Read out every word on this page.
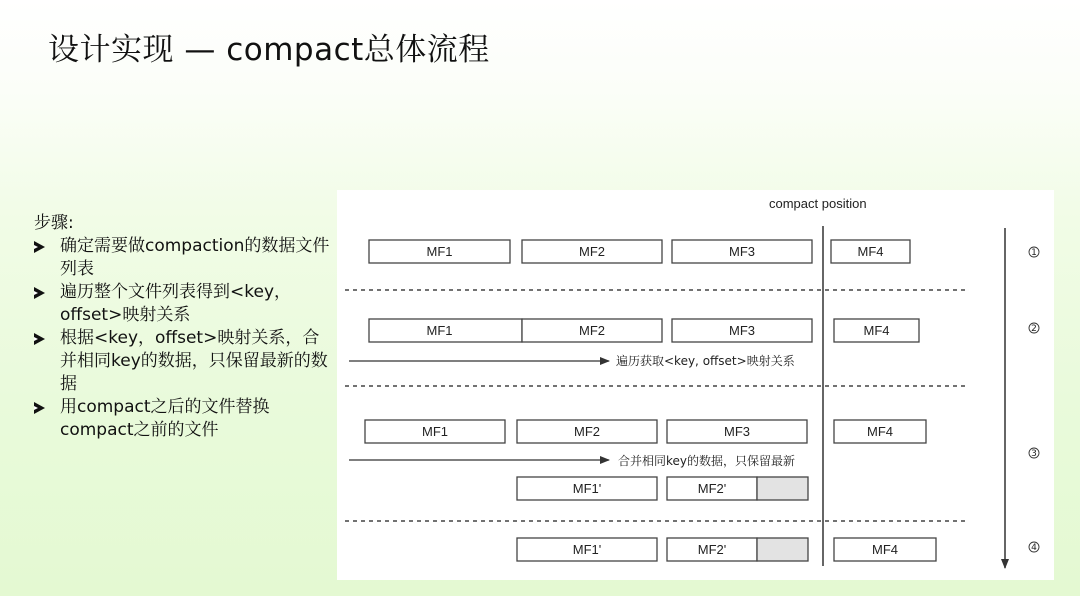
设计实现 — compact总体流程

步骤:

确定需要做compaction的数据文件列表
遍历整个文件列表得到<key，offset>映射关系
根据<key，offset>映射关系，合并相同key的数据，只保留最新的数据
用compact之后的文件替换compact之前的文件
compact position
MF1	MF2	MF3	MF4	1
MF1	MF2	MF3	MF4
遍历获取<key, offset>映射关系
2
MF1	MF2	MF3	MF4
合并相同key的数据，只保留最新
MF1'	MF2'
3
MF1'	MF2'	MF4	4
